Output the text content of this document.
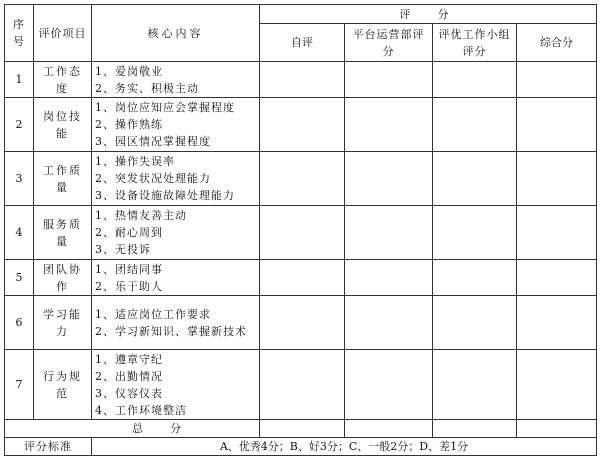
序号	评价项目	核心内容	评　分			
			自评	平台运营部评分	评优工作小组评分	综合分
1	工作态度	1、爱岗敬业
2、务实、积极主动				

2	岗位技能	1、岗位应知应会掌握程度
2、操作熟练
3、园区情况掌握程度				

3	工作质量	1、操作失误率
2、突发状况处理能力
3、设备设施故障处理能力				

4	服务质量	1、热情友善主动
2、耐心周到
3、无投诉				

5	团队协作	1、团结同事
2、乐于助人				

6	学习能力	1、适应岗位工作要求
2、学习新知识、掌握新技术				

7	行为规范	1、遵章守纪
2、出勤情况
3、仪容仪表
4、工作环境整洁				

总　分						
评分标准		A、优秀4分；B、好3分；C、一般2分；D、差1分				
